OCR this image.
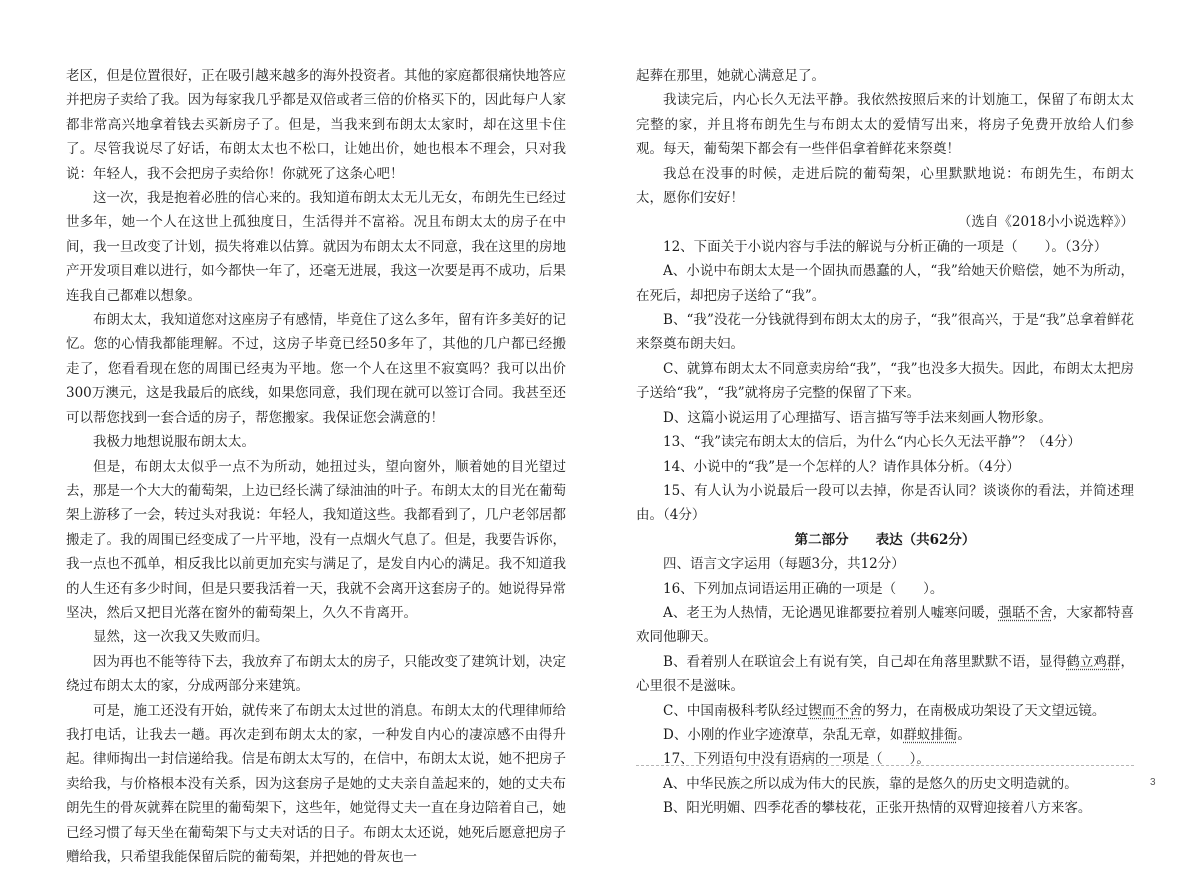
老区，但是位置很好，正在吸引越来越多的海外投资者。其他的家庭都很痛快地答应并把房子卖给了我。因为每家我几乎都是双倍或者三倍的价格买下的，因此每户人家都非常高兴地拿着钱去买新房子了。但是，当我来到布朗太太家时，却在这里卡住了。尽管我说尽了好话，布朗太太也不松口，让她出价，她也根本不理会，只对我说：年轻人，我不会把房子卖给你！你就死了这条心吧！

这一次，我是抱着必胜的信心来的。我知道布朗太太无儿无女，布朗先生已经过世多年，她一个人在这世上孤独度日，生活得并不富裕。况且布朗太太的房子在中间，我一旦改变了计划，损失将难以估算。就因为布朗太太不同意，我在这里的房地产开发项目难以进行，如今都快一年了，还毫无进展，我这一次要是再不成功，后果连我自己都难以想象。

布朗太太，我知道您对这座房子有感情，毕竟住了这么多年，留有许多美好的记忆。您的心情我都能理解。不过，这房子毕竟已经50多年了，其他的几户都已经搬走了，您看看现在您的周围已经夷为平地。您一个人在这里不寂寞吗？我可以出价300万澳元，这是我最后的底线，如果您同意，我们现在就可以签订合同。我甚至还可以帮您找到一套合适的房子，帮您搬家。我保证您会满意的！

我极力地想说服布朗太太。

但是，布朗太太似乎一点不为所动，她扭过头，望向窗外，顺着她的目光望过去，那是一个大大的葡萄架，上边已经长满了绿油油的叶子。布朗太太的目光在葡萄架上游移了一会，转过头对我说：年轻人，我知道这些。我都看到了，几户老邻居都搬走了。我的周围已经变成了一片平地，没有一点烟火气息了。但是，我要告诉你，我一点也不孤单，相反我比以前更加充实与满足了，是发自内心的满足。我不知道我的人生还有多少时间，但是只要我活着一天，我就不会离开这套房子的。她说得异常坚决，然后又把目光落在窗外的葡萄架上，久久不肯离开。

显然，这一次我又失败而归。

因为再也不能等待下去，我放弃了布朗太太的房子，只能改变了建筑计划，决定绕过布朗太太的家，分成两部分来建筑。

可是，施工还没有开始，就传来了布朗太太过世的消息。布朗太太的代理律师给我打电话，让我去一趟。再次走到布朗太太的家，一种发自内心的凄凉感不由得升起。律师掏出一封信递给我。信是布朗太太写的，在信中，布朗太太说，她不把房子卖给我，与价格根本没有关系，因为这套房子是她的丈夫亲自盖起来的，她的丈夫布朗先生的骨灰就葬在院里的葡萄架下，这些年，她觉得丈夫一直在身边陪着自己，她已经习惯了每天坐在葡萄架下与丈夫对话的日子。布朗太太还说，她死后愿意把房子赠给我，只希望我能保留后院的葡萄架，并把她的骨灰也一

起葬在那里，她就心满意足了。

我读完后，内心长久无法平静。我依然按照后来的计划施工，保留了布朗太太完整的家，并且将布朗先生与布朗太太的爱情写出来，将房子免费开放给人们参观。每天，葡萄架下都会有一些伴侣拿着鲜花来祭奠！

我总在没事的时候，走进后院的葡萄架，心里默默地说：布朗先生，布朗太太，愿你们安好！

（选自《2018小小说选粹》）

12、下面关于小说内容与手法的解说与分析正确的一项是（　　）。（3分）

A、小说中布朗太太是一个固执而愚蠢的人，“我”给她天价赔偿，她不为所动，在死后，却把房子送给了“我”。

B、“我”没花一分钱就得到布朗太太的房子，“我”很高兴，于是“我”总拿着鲜花来祭奠布朗夫妇。

C、就算布朗太太不同意卖房给“我”，“我”也没多大损失。因此，布朗太太把房子送给“我”，“我”就将房子完整的保留了下来。

D、这篇小说运用了心理描写、语言描写等手法来刻画人物形象。

13、“我”读完布朗太太的信后，为什么“内心长久无法平静”？（4分）

14、小说中的“我”是一个怎样的人？请作具体分析。（4分）

15、有人认为小说最后一段可以去掉，你是否认同？谈谈你的看法，并简述理由。（4分）

第二部分　　表达（共62分）

四、语言文字运用（每题3分，共12分）

16、下列加点词语运用正确的一项是（　　）。

A、老王为人热情，无论遇见谁都要拉着别人嘘寒问暖，强聒不舍，大家都特喜欢同他聊天。

B、看着别人在联谊会上有说有笑，自己却在角落里默默不语，显得鹤立鸡群，心里很不是滋味。

C、中国南极科考队经过锲而不舍的努力，在南极成功架设了天文望远镜。

D、小刚的作业字迹潦草，杂乱无章，如群蚁排衙。

17、下列语句中没有语病的一项是（　　）。

A、中华民族之所以成为伟大的民族，靠的是悠久的历史文明造就的。

B、阳光明媚、四季花香的攀枝花，正张开热情的双臂迎接着八方来客。

3
